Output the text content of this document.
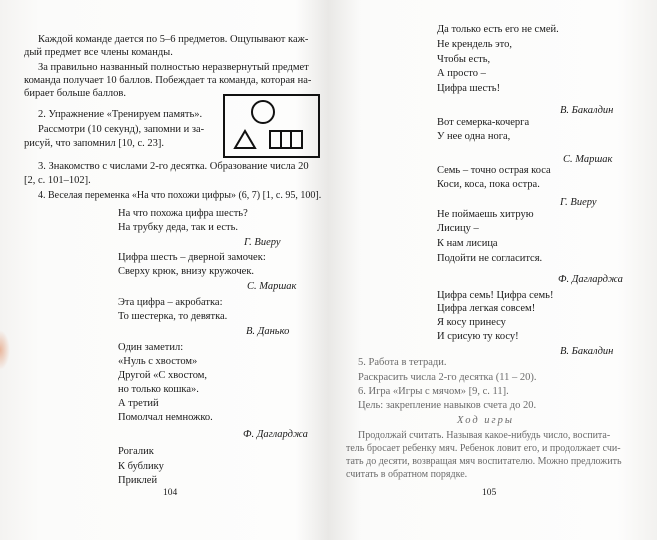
Каждой команде дается по 5–6 предметов. Ощупывают каж-
дый предмет все члены команды.
За правильно названный полностью неразвернутый предмет
команда получает 10 баллов. Побеждает та команда, которая на-
бирает больше баллов.
2. Упражнение «Тренируем память».
Рассмотри (10 секунд), запомни и за-
рисуй, что запомнил [10, с. 23].
3. Знакомство с числами 2-го десятка. Образование числа 20
[2, с. 101–102].
4. Веселая переменка «На что похожи цифры» (6, 7) [1, с. 95, 100].
На что похожа цифра шесть?
На трубку деда, так и есть.
Г. Виеру
Цифра шесть – дверной замочек:
Сверху крюк, внизу кружочек.
С. Маршак
Эта цифра – акробатка:
То шестерка, то девятка.
В. Данько
Один заметил:
«Нуль с хвостом»
Другой «С хвостом,
но только кошка».
А третий
Помолчал немножко.
Ф. Дагларджа
Рогалик
К бублику
Приклей
104
Да только есть его не смей.
Не крендель это,
Чтобы есть,
А просто –
Цифра шесть!
В. Бакалдин
Вот семерка-кочерга
У нее одна нога,
С. Маршак
Семь – точно острая коса
Коси, коса, пока остра.
Г. Виеру
Не поймаешь хитрую
Лисицу –
К нам лисица
Подойти не согласится.
Ф. Дагларджа
Цифра семь! Цифра семь!
Цифра легкая совсем!
Я косу принесу
И срисую ту косу!
В. Бакалдин
5. Работа в тетради.
Раскрасить числа 2-го десятка (11 – 20).
6. Игра «Игры с мячом» [9, с. 11].
Цель: закрепление навыков счета до 20.
Ход игры
Продолжай считать. Называя какое-нибудь число, воспита-
тель бросает ребенку мяч. Ребенок ловит его, и продолжает счи-
тать до десяти, возвращая мяч воспитателю. Можно предложить
считать в обратном порядке.
105
